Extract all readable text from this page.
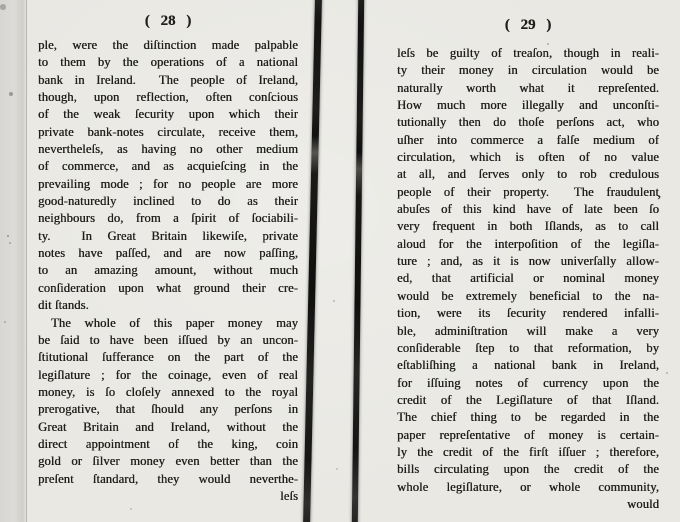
( 28 )
ple, were the diſtinction made palpable
to them by the operations of a national
bank in Ireland.  The people of Ireland,
though, upon reflection, often conſcious
of the weak ſecurity upon which their
private bank-notes circulate, receive them,
nevertheleſs, as having no other medium
of commerce, and as acquieſcing in the
prevailing mode ; for no people are more
good-naturedly inclined to do as their
neighbours do, from a ſpirit of ſociabili-
ty.  In Great Britain likewiſe, private
notes have paſſed, and are now paſſing,
to an amazing amount, without much
conſideration upon what ground their cre-
dit ſtands.
The whole of this paper money may
be ſaid to have been iſſued by an uncon-
ſtitutional ſufferance on the part of the
legiſlature ; for the coinage, even of real
money, is ſo cloſely annexed to the royal
prerogative, that ſhould any perſons in
Great Britain and Ireland, without the
direct appointment of the king, coin
gold or ſilver money even better than the
preſent ſtandard, they would neverthe-
leſs
( 29 )
leſs be guilty of treaſon, though in reali-
ty their money in circulation would be
naturally worth what it repreſented.
How much more illegally and unconſti-
tutionally then do thoſe perſons act, who
uſher into commerce a falſe medium of
circulation, which is often of no value
at all, and ſerves only to rob credulous
people of their property.  The fraudulent
abuſes of this kind have of late been ſo
very frequent in both Iſlands, as to call
aloud for the interpoſition of the legiſla-
ture ; and, as it is now univerſally allow-
ed, that artificial or nominal money
would be extremely beneficial to the na-
tion, were its ſecurity rendered infalli-
ble, adminiſtration will make a very
conſiderable ſtep to that reformation, by
eſtabliſhing a national bank in Ireland,
for iſſuing notes of currency upon the
credit of the Legiſlature of that Iſland.
The chief thing to be regarded in the
paper repreſentative of money is certain-
ly the credit of the firſt iſſuer ; therefore,
bills circulating upon the credit of the
whole legiſlature, or whole community,
would
’
